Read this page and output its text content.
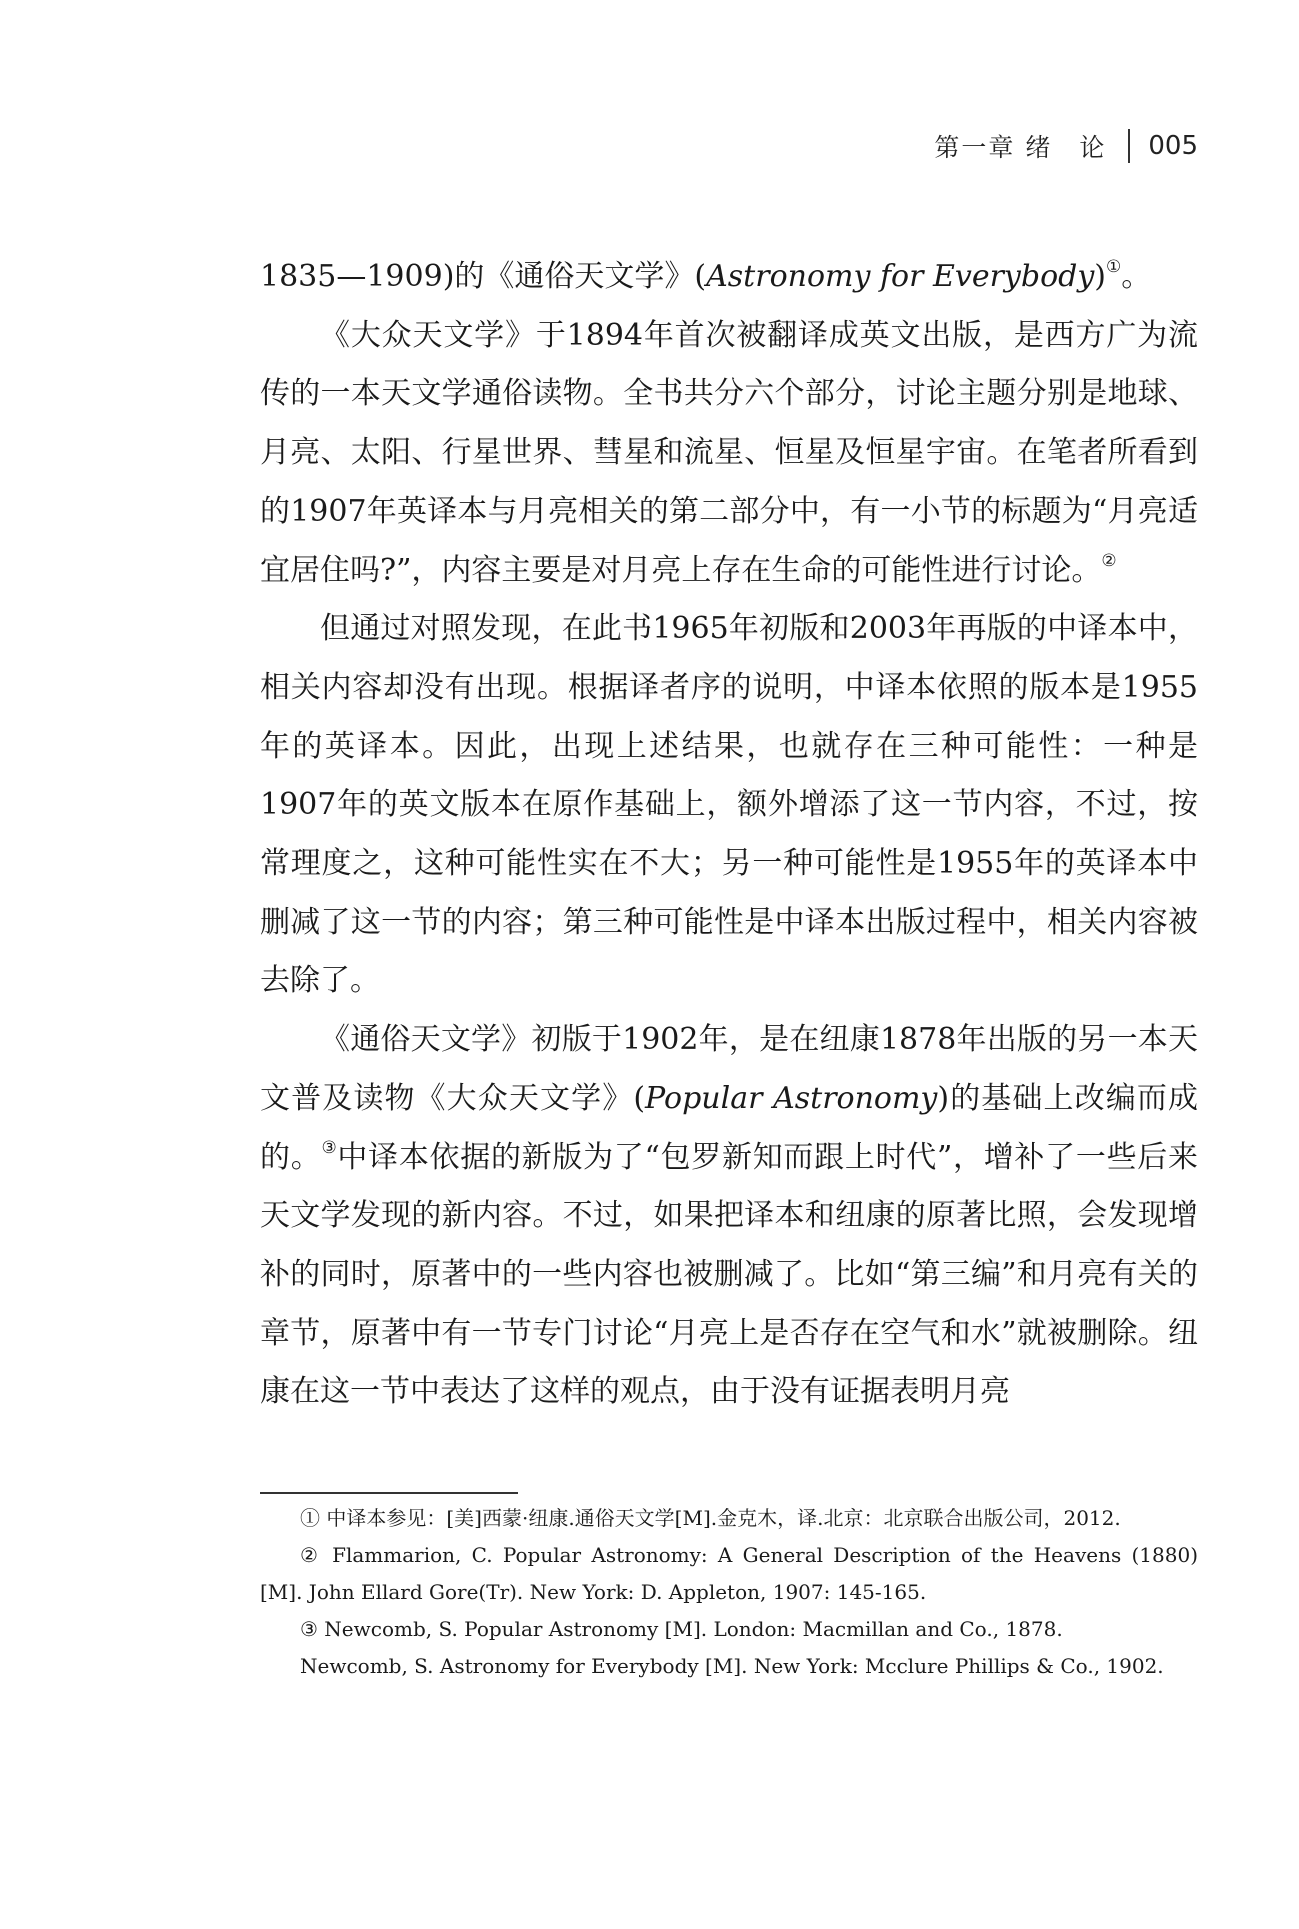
第一章 绪　论 005

1835—1909)的《通俗天文学》(Astronomy for Everybody)①。

《大众天文学》于1894年首次被翻译成英文出版，是西方广为流传的一本天文学通俗读物。全书共分六个部分，讨论主题分别是地球、月亮、太阳、行星世界、彗星和流星、恒星及恒星宇宙。在笔者所看到的1907年英译本与月亮相关的第二部分中，有一小节的标题为“月亮适宜居住吗?”，内容主要是对月亮上存在生命的可能性进行讨论。②

但通过对照发现，在此书1965年初版和2003年再版的中译本中，相关内容却没有出现。根据译者序的说明，中译本依照的版本是1955年的英译本。因此，出现上述结果，也就存在三种可能性：一种是1907年的英文版本在原作基础上，额外增添了这一节内容，不过，按常理度之，这种可能性实在不大；另一种可能性是1955年的英译本中删减了这一节的内容；第三种可能性是中译本出版过程中，相关内容被去除了。

《通俗天文学》初版于1902年，是在纽康1878年出版的另一本天文普及读物《大众天文学》(Popular Astronomy)的基础上改编而成的。③中译本依据的新版为了“包罗新知而跟上时代”，增补了一些后来天文学发现的新内容。不过，如果把译本和纽康的原著比照，会发现增补的同时，原著中的一些内容也被删减了。比如“第三编”和月亮有关的章节，原著中有一节专门讨论“月亮上是否存在空气和水”就被删除。纽康在这一节中表达了这样的观点，由于没有证据表明月亮

① 中译本参见：[美]西蒙·纽康.通俗天文学[M].金克木，译.北京：北京联合出版公司，2012.

② Flammarion, C. Popular Astronomy: A General Description of the Heavens (1880) [M]. John Ellard Gore(Tr). New York: D. Appleton, 1907: 145-165.

③ Newcomb, S. Popular Astronomy [M]. London: Macmillan and Co., 1878.

Newcomb, S. Astronomy for Everybody [M]. New York: Mcclure Phillips & Co., 1902.
